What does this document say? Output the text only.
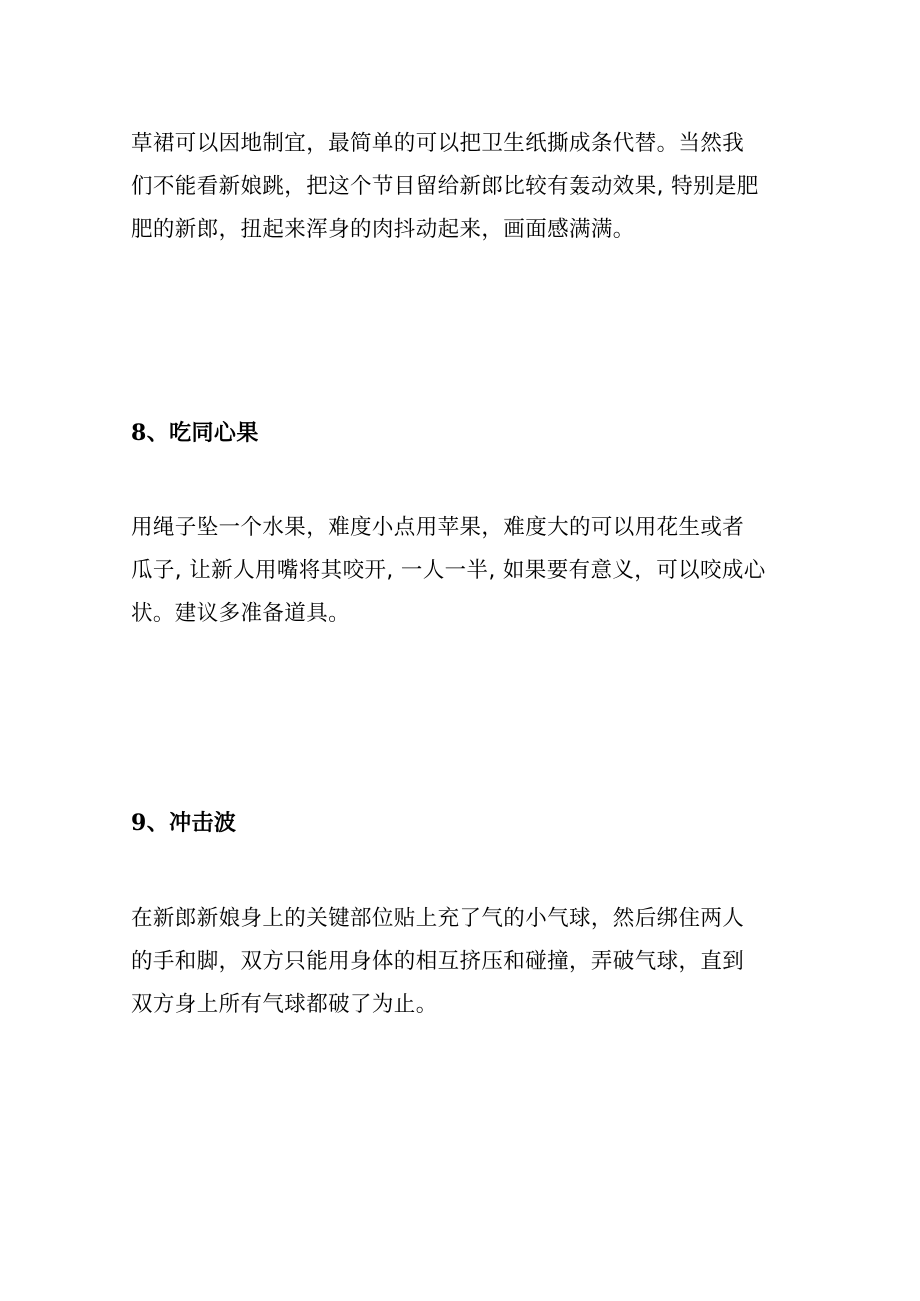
草裙可以因地制宜，最简单的可以把卫生纸撕成条代替。当然我
们不能看新娘跳，把这个节目留给新郎比较有轰动效果, 特别是肥
肥的新郎，扭起来浑身的肉抖动起来，画面感满满。

8、吃同心果

用绳子坠一个水果，难度小点用苹果，难度大的可以用花生或者
瓜子, 让新人用嘴将其咬开, 一人一半, 如果要有意义，可以咬成心
状。建议多准备道具。

9、冲击波

在新郎新娘身上的关键部位贴上充了气的小气球，然后绑住两人
的手和脚，双方只能用身体的相互挤压和碰撞，弄破气球，直到
双方身上所有气球都破了为止。
